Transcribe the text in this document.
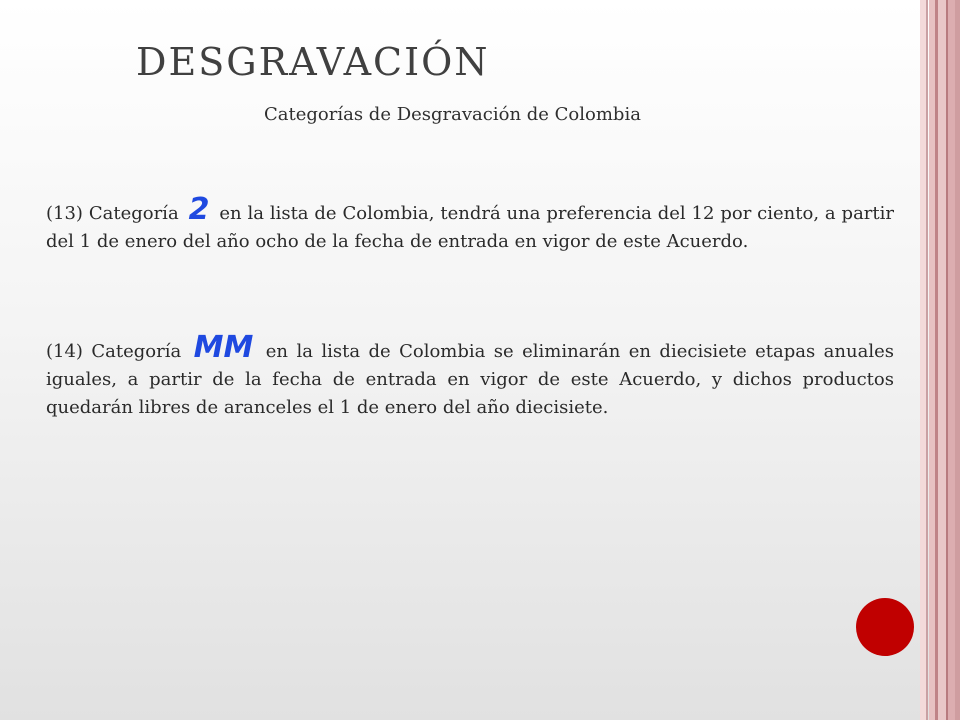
DESGRAVACIÓN
Categorías de Desgravación de Colombia
(13) Categoría 2 en la lista de Colombia, tendrá una preferencia del 12 por ciento, a partir del 1 de enero del año ocho de la fecha de entrada en vigor de este Acuerdo.
(14) Categoría MM en la lista de Colombia se eliminarán en diecisiete etapas anuales iguales, a partir de la fecha de entrada en vigor de este Acuerdo, y dichos productos quedarán libres de aranceles el 1 de enero del año diecisiete.
